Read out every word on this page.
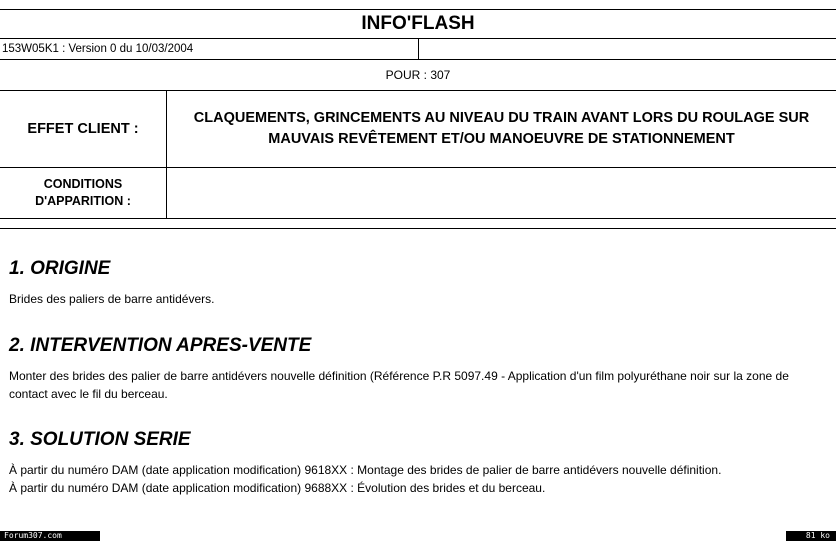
INFO'FLASH
153W05K1 : Version 0 du 10/03/2004
POUR : 307
EFFET CLIENT :
CLAQUEMENTS, GRINCEMENTS AU NIVEAU DU TRAIN AVANT LORS DU ROULAGE SUR MAUVAIS REVÊTEMENT ET/OU MANOEUVRE DE STATIONNEMENT
CONDITIONS
D'APPARITION :
1. ORIGINE

Brides des paliers de barre antidévers.

2. INTERVENTION APRES-VENTE

Monter des brides des palier de barre antidévers nouvelle définition (Référence P.R 5097.49 - Application d'un film polyuréthane noir sur la zone de contact avec le fil du berceau.

3. SOLUTION SERIE

À partir du numéro DAM (date application modification) 9618XX : Montage des brides de palier de barre antidévers nouvelle définition.

À partir du numéro DAM (date application modification) 9688XX : Évolution des brides et du berceau.

Forum307.com	81 ko
